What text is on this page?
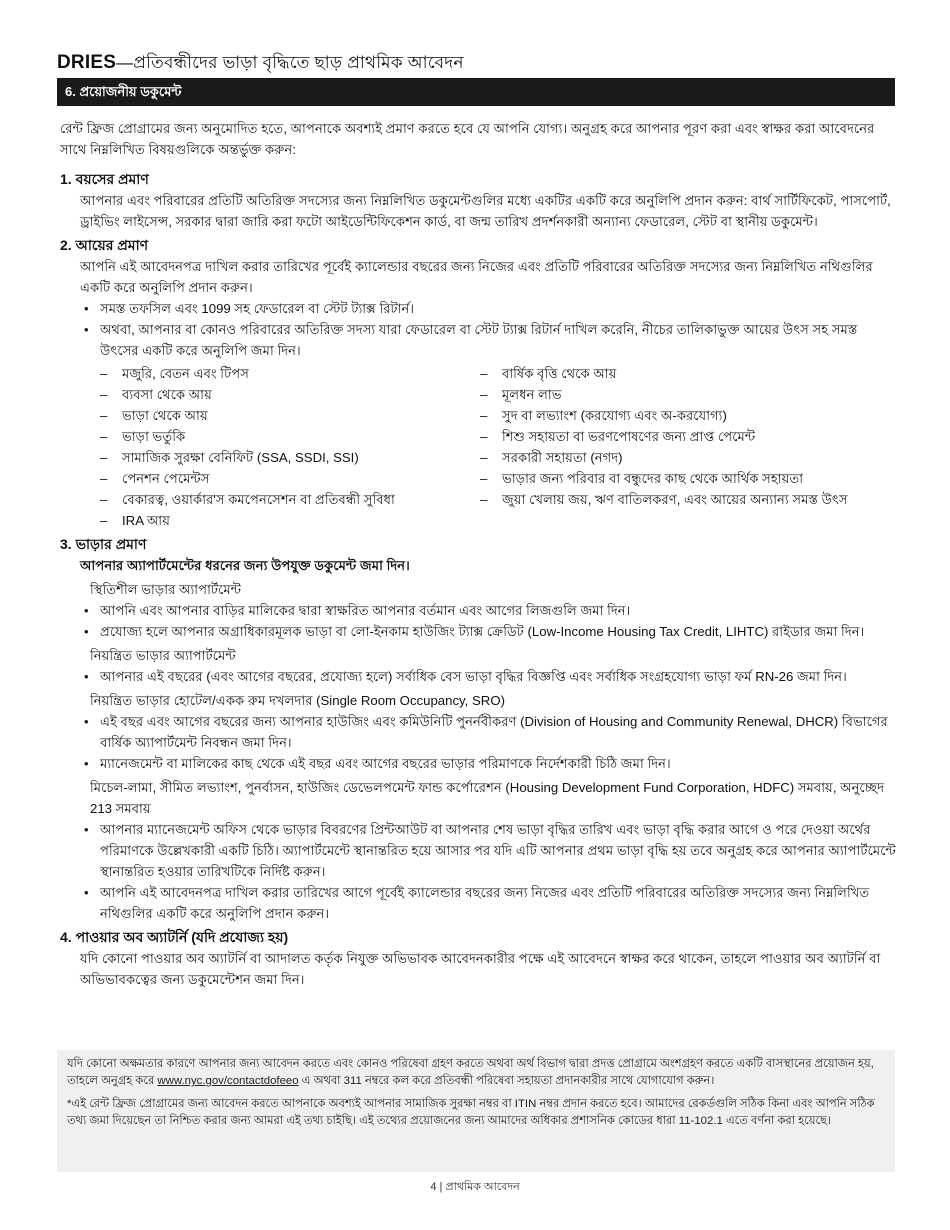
DRIES—প্রতিবন্ধীদের ভাড়া বৃদ্ধিতে ছাড় প্রাথমিক আবেদন
6. প্রয়োজনীয় ডকুমেন্ট

রেন্ট ফ্রিজ প্রোগ্রামের জন্য অনুমোদিত হতে, আপনাকে অবশ্যই প্রমাণ করতে হবে যে আপনি যোগ্য। অনুগ্রহ করে আপনার পূরণ করা এবং স্বাক্ষর করা আবেদনের সাথে নিম্নলিখিত বিষয়গুলিকে অন্তর্ভুক্ত করুন:

1. বয়সের প্রমাণ

আপনার এবং পরিবারের প্রতিটি অতিরিক্ত সদস্যের জন্য নিম্নলিখিত ডকুমেন্টগুলির মধ্যে একটির একটি করে অনুলিপি প্রদান করুন: বার্থ সার্টিফিকেট, পাসপোর্ট, ড্রাইভিং লাইসেন্স, সরকার দ্বারা জারি করা ফটো আইডেন্টিফিকেশন কার্ড, বা জন্ম তারিখ প্রদর্শনকারী অন্যান্য ফেডারেল, স্টেট বা স্থানীয় ডকুমেন্ট।

2. আয়ের প্রমাণ

আপনি এই আবেদনপত্র দাখিল করার তারিখের পূর্বেই ক্যালেন্ডার বছরের জন্য নিজের এবং প্রতিটি পরিবারের অতিরিক্ত সদস্যের জন্য নিম্নলিখিত নথিগুলির একটি করে অনুলিপি প্রদান করুন।

• সমস্ত তফসিল এবং 1099 সহ ফেডারেল বা স্টেট ট্যাক্স রিটার্ন।
• অথবা, আপনার বা কোনও পরিবারের অতিরিক্ত সদস্য যারা ফেডারেল বা স্টেট ট্যাক্স রিটার্ন দাখিল করেনি, নীচের তালিকাভুক্ত আয়ের উৎস সহ সমস্ত উৎসের একটি করে অনুলিপি জমা দিন।
– মজুরি, বেতন এবং টিপস
– ব্যবসা থেকে আয়
– ভাড়া থেকে আয়
– ভাড়া ভর্তুকি
– সামাজিক সুরক্ষা বেনিফিট (SSA, SSDI, SSI)
– পেনশন পেমেন্টস
– বেকারত্ব, ওয়ার্কার'স কমপেনসেশন বা প্রতিবন্ধী সুবিধা
– IRA আয়
– বার্ষিক বৃত্তি থেকে আয়
– মূলধন লাভ
– সুদ বা লভ্যাংশ (করযোগ্য এবং অ-করযোগ্য)
– শিশু সহায়তা বা ভরণপোষণের জন্য প্রাপ্ত পেমেন্ট
– সরকারী সহায়তা (নগদ)
– ভাড়ার জন্য পরিবার বা বন্ধুদের কাছ থেকে আর্থিক সহায়তা
– জুয়া খেলায় জয়, ঋণ বাতিলকরণ, এবং আয়ের অন্যান্য সমস্ত উৎস

3. ভাড়ার প্রমাণ

আপনার অ্যাপার্টমেন্টের ধরনের জন্য উপযুক্ত ডকুমেন্ট জমা দিন।

স্থিতিশীল ভাড়ার অ্যাপার্টমেন্ট

• আপনি এবং আপনার বাড়ির মালিকের দ্বারা স্বাক্ষরিত আপনার বর্তমান এবং আগের লিজগুলি জমা দিন।
• প্রযোজ্য হলে আপনার অগ্রাধিকারমূলক ভাড়া বা লো-ইনকাম হাউজিং ট্যাক্স ক্রেডিট (Low-Income Housing Tax Credit, LIHTC) রাইডার জমা দিন।

নিয়ন্ত্রিত ভাড়ার অ্যাপার্টমেন্ট

• আপনার এই বছরের (এবং আগের বছরের, প্রযোজ্য হলে) সর্বাধিক বেস ভাড়া বৃদ্ধির বিজ্ঞপ্তি এবং সর্বাধিক সংগ্রহযোগ্য ভাড়া ফর্ম RN-26 জমা দিন।

নিয়ন্ত্রিত ভাড়ার হোটেল/একক রুম দখলদার (Single Room Occupancy, SRO)

• এই বছর এবং আগের বছরের জন্য আপনার হাউজিং এবং কমিউনিটি পুনর্নবীকরণ (Division of Housing and Community Renewal, DHCR) বিভাগের বার্ষিক অ্যাপার্টমেন্ট নিবন্ধন জমা দিন।
• ম্যানেজমেন্ট বা মালিকের কাছ থেকে এই বছর এবং আগের বছরের ভাড়ার পরিমাণকে নির্দেশকারী চিঠি জমা দিন।

মিচেল-লামা, সীমিত লভ্যাংশ, পুনর্বাসন, হাউজিং ডেভেলপমেন্ট ফান্ড কর্পোরেশন (Housing Development Fund Corporation, HDFC) সমবায়, অনুচ্ছেদ 213 সমবায়

• আপনার ম্যানেজমেন্ট অফিস থেকে ভাড়ার বিবরণের প্রিন্টআউট বা আপনার শেষ ভাড়া বৃদ্ধির তারিখ এবং ভাড়া বৃদ্ধি করার আগে ও পরে দেওয়া অর্থের পরিমাণকে উল্লেখকারী একটি চিঠি। অ্যাপার্টমেন্টে স্থানান্তরিত হয়ে আসার পর যদি এটি আপনার প্রথম ভাড়া বৃদ্ধি হয় তবে অনুগ্রহ করে আপনার অ্যাপার্টমেন্টে স্থানান্তরিত হওয়ার তারিখটিকে নির্দিষ্ট করুন।
• আপনি এই আবেদনপত্র দাখিল করার তারিখের আগে পূর্বেই ক্যালেন্ডার বছরের জন্য নিজের এবং প্রতিটি পরিবারের অতিরিক্ত সদস্যের জন্য নিম্নলিখিত নথিগুলির একটি করে অনুলিপি প্রদান করুন।

4. পাওয়ার অব অ্যাটর্নি (যদি প্রযোজ্য হয়)

যদি কোনো পাওয়ার অব অ্যাটর্নি বা আদালত কর্তৃক নিযুক্ত অভিভাবক আবেদনকারীর পক্ষে এই আবেদনে স্বাক্ষর করে থাকেন, তাহলে পাওয়ার অব অ্যাটর্নি বা অভিভাবকত্বের জন্য ডকুমেন্টেশন জমা দিন।

যদি কোনো অক্ষমতার কারণে আপনার জন্য আবেদন করতে এবং কোনও পরিষেবা গ্রহণ করতে অথবা অর্থ বিভাগ দ্বারা প্রদত্ত প্রোগ্রামে অংশগ্রহণ করতে একটি বাসস্থানের প্রয়োজন হয়, তাহলে অনুগ্রহ করে www.nyc.gov/contactdofeeo এ অথবা 311 নম্বরে কল করে প্রতিবন্ধী পরিষেবা সহায়তা প্রদানকারীর সাথে যোগাযোগ করুন।

*এই রেন্ট ফ্রিজ প্রোগ্রামের জন্য আবেদন করতে আপনাকে অবশ্যই আপনার সামাজিক সুরক্ষা নম্বর বা ITIN নম্বর প্রদান করতে হবে। আমাদের রেকর্ডগুলি সঠিক কিনা এবং আপনি সঠিক তথ্য জমা দিয়েছেন তা নিশ্চিত করার জন্য আমরা এই তথ্য চাইছি। এই তথ্যের প্রয়োজনের জন্য আমাদের অধিকার প্রশাসনিক কোডের ধারা 11-102.1 এতে বর্ণনা করা হয়েছে।

4 | প্রাথমিক আবেদন
